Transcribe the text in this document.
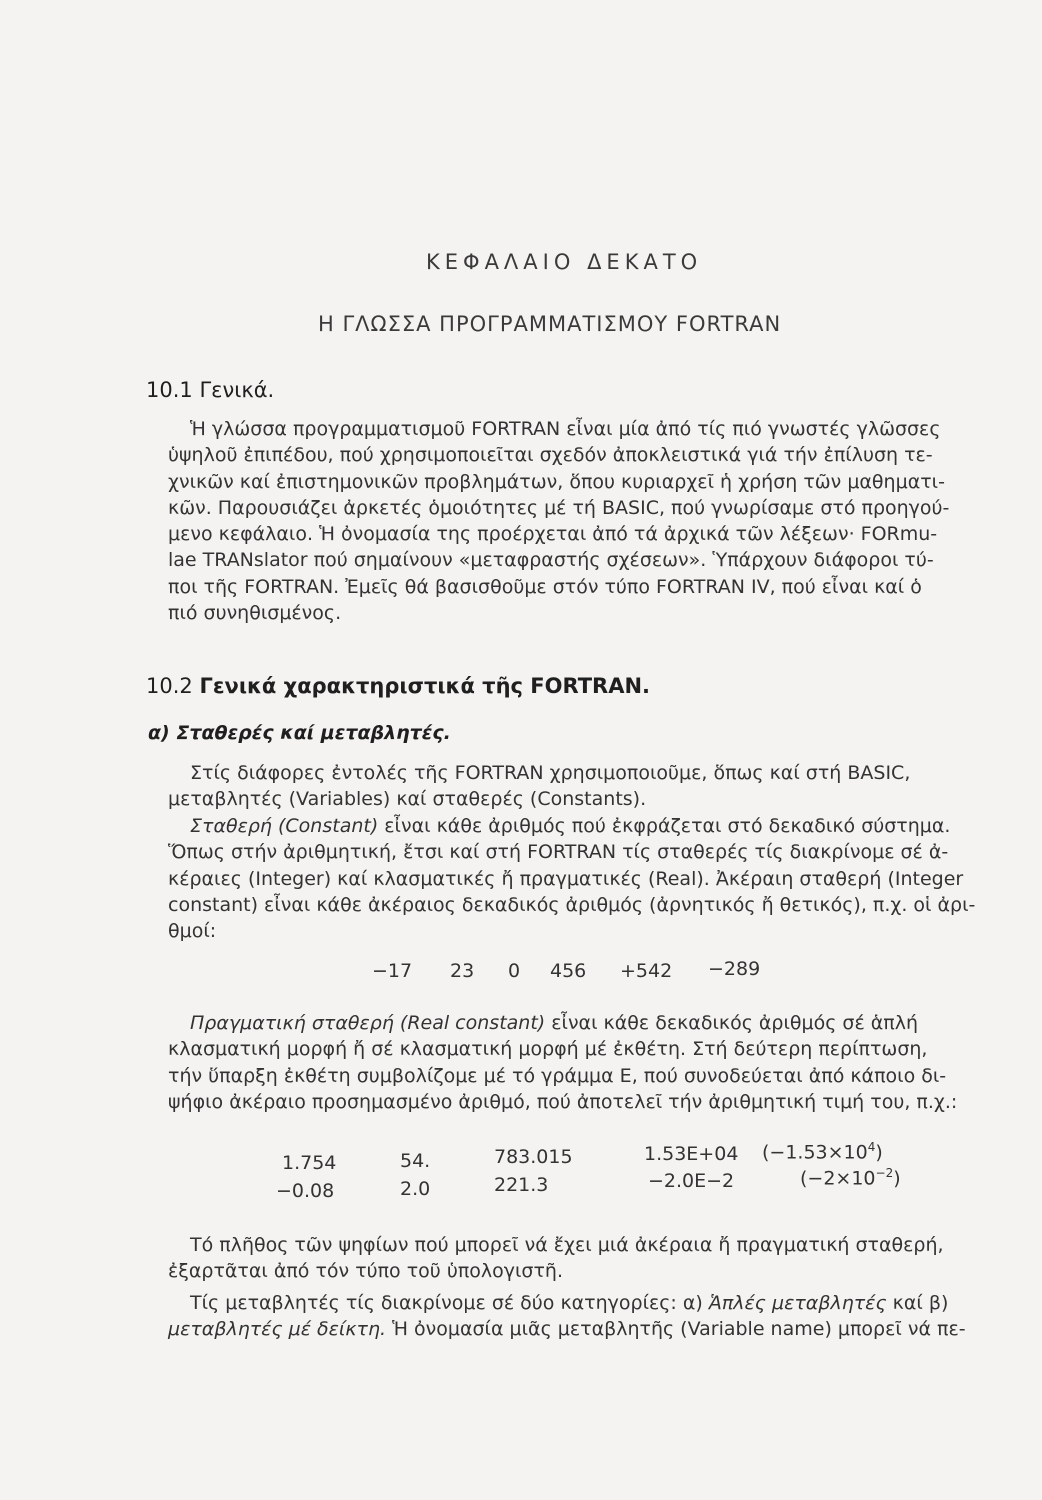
ΚΕΦΑΛΑΙΟ ΔΕΚΑΤΟ
Η ΓΛΩΣΣΑ ΠΡΟΓΡΑΜΜΑΤΙΣΜΟΥ FORTRAN
10.1 Γενικά.
Ἡ γλώσσα προγραμματισμοῦ FORTRAN εἶναι μία ἀπό τίς πιό γνωστές γλῶσσες
ὑψηλοῦ ἐπιπέδου, πού χρησιμοποιεῖται σχεδόν ἀποκλειστικά γιά τήν ἐπίλυση τε-
χνικῶν καί ἐπιστημονικῶν προβλημάτων, ὅπου κυριαρχεῖ ἡ χρήση τῶν μαθηματι-
κῶν. Παρουσιάζει ἀρκετές ὁμοιότητες μέ τή BASIC, πού γνωρίσαμε στό προηγού-
μενο κεφάλαιο. Ἡ ὀνομασία της προέρχεται ἀπό τά ἀρχικά τῶν λέξεων· FORmu-
lae TRANslator πού σημαίνουν «μεταφραστής σχέσεων». Ὑπάρχουν διάφοροι τύ-
ποι τῆς FORTRAN. Ἐμεῖς θά βασισθοῦμε στόν τύπο FORTRAN IV, πού εἶναι καί ὁ
πιό συνηθισμένος.
10.2 Γενικά χαρακτηριστικά τῆς FORTRAN.
α) Σταθερές καί μεταβλητές.
Στίς διάφορες ἐντολές τῆς FORTRAN χρησιμοποιοῦμε, ὅπως καί στή BASIC,
μεταβλητές (Variables) καί σταθερές (Constants).
Σταθερή (Constant) εἶναι κάθε ἀριθμός πού ἐκφράζεται στό δεκαδικό σύστημα.
Ὅπως στήν ἀριθμητική, ἔτσι καί στή FORTRAN τίς σταθερές τίς διακρίνομε σέ ἀ-
κέραιες (Integer) καί κλασματικές ἤ πραγματικές (Real). Ἀκέραιη σταθερή (Integer
constant) εἶναι κάθε ἀκέραιος δεκαδικός ἀριθμός (ἀρνητικός ἤ θετικός), π.χ. οἱ ἀρι-
θμοί:
−17 23 0 456 +542 −289
Πραγματική σταθερή (Real constant) εἶναι κάθε δεκαδικός ἀριθμός σέ ἁπλή
κλασματική μορφή ἤ σέ κλασματική μορφή μέ ἐκθέτη. Στή δεύτερη περίπτωση,
τήν ὕπαρξη ἐκθέτη συμβολίζομε μέ τό γράμμα E, πού συνοδεύεται ἀπό κάποιο δι-
ψήφιο ἀκέραιο προσημασμένο ἀριθμό, πού ἀποτελεῖ τήν ἀριθμητική τιμή του, π.χ.:
1.754	54.	783.015	1.53E+04 $(-1.53\times 10^4)$
−0.08	2.0	221.3	−2.0E−2	$(-2\times 10^{-2})$
Τό πλῆθος τῶν ψηφίων πού μπορεῖ νά ἔχει μιά ἀκέραια ἤ πραγματική σταθερή,
ἐξαρτᾶται ἀπό τόν τύπο τοῦ ὑπολογιστῆ.
Τίς μεταβλητές τίς διακρίνομε σέ δύο κατηγορίες: α) Ἁπλές μεταβλητές καί β)
μεταβλητές μέ δείκτη. Ἡ ὀνομασία μιᾶς μεταβλητῆς (Variable name) μπορεῖ νά πε-
